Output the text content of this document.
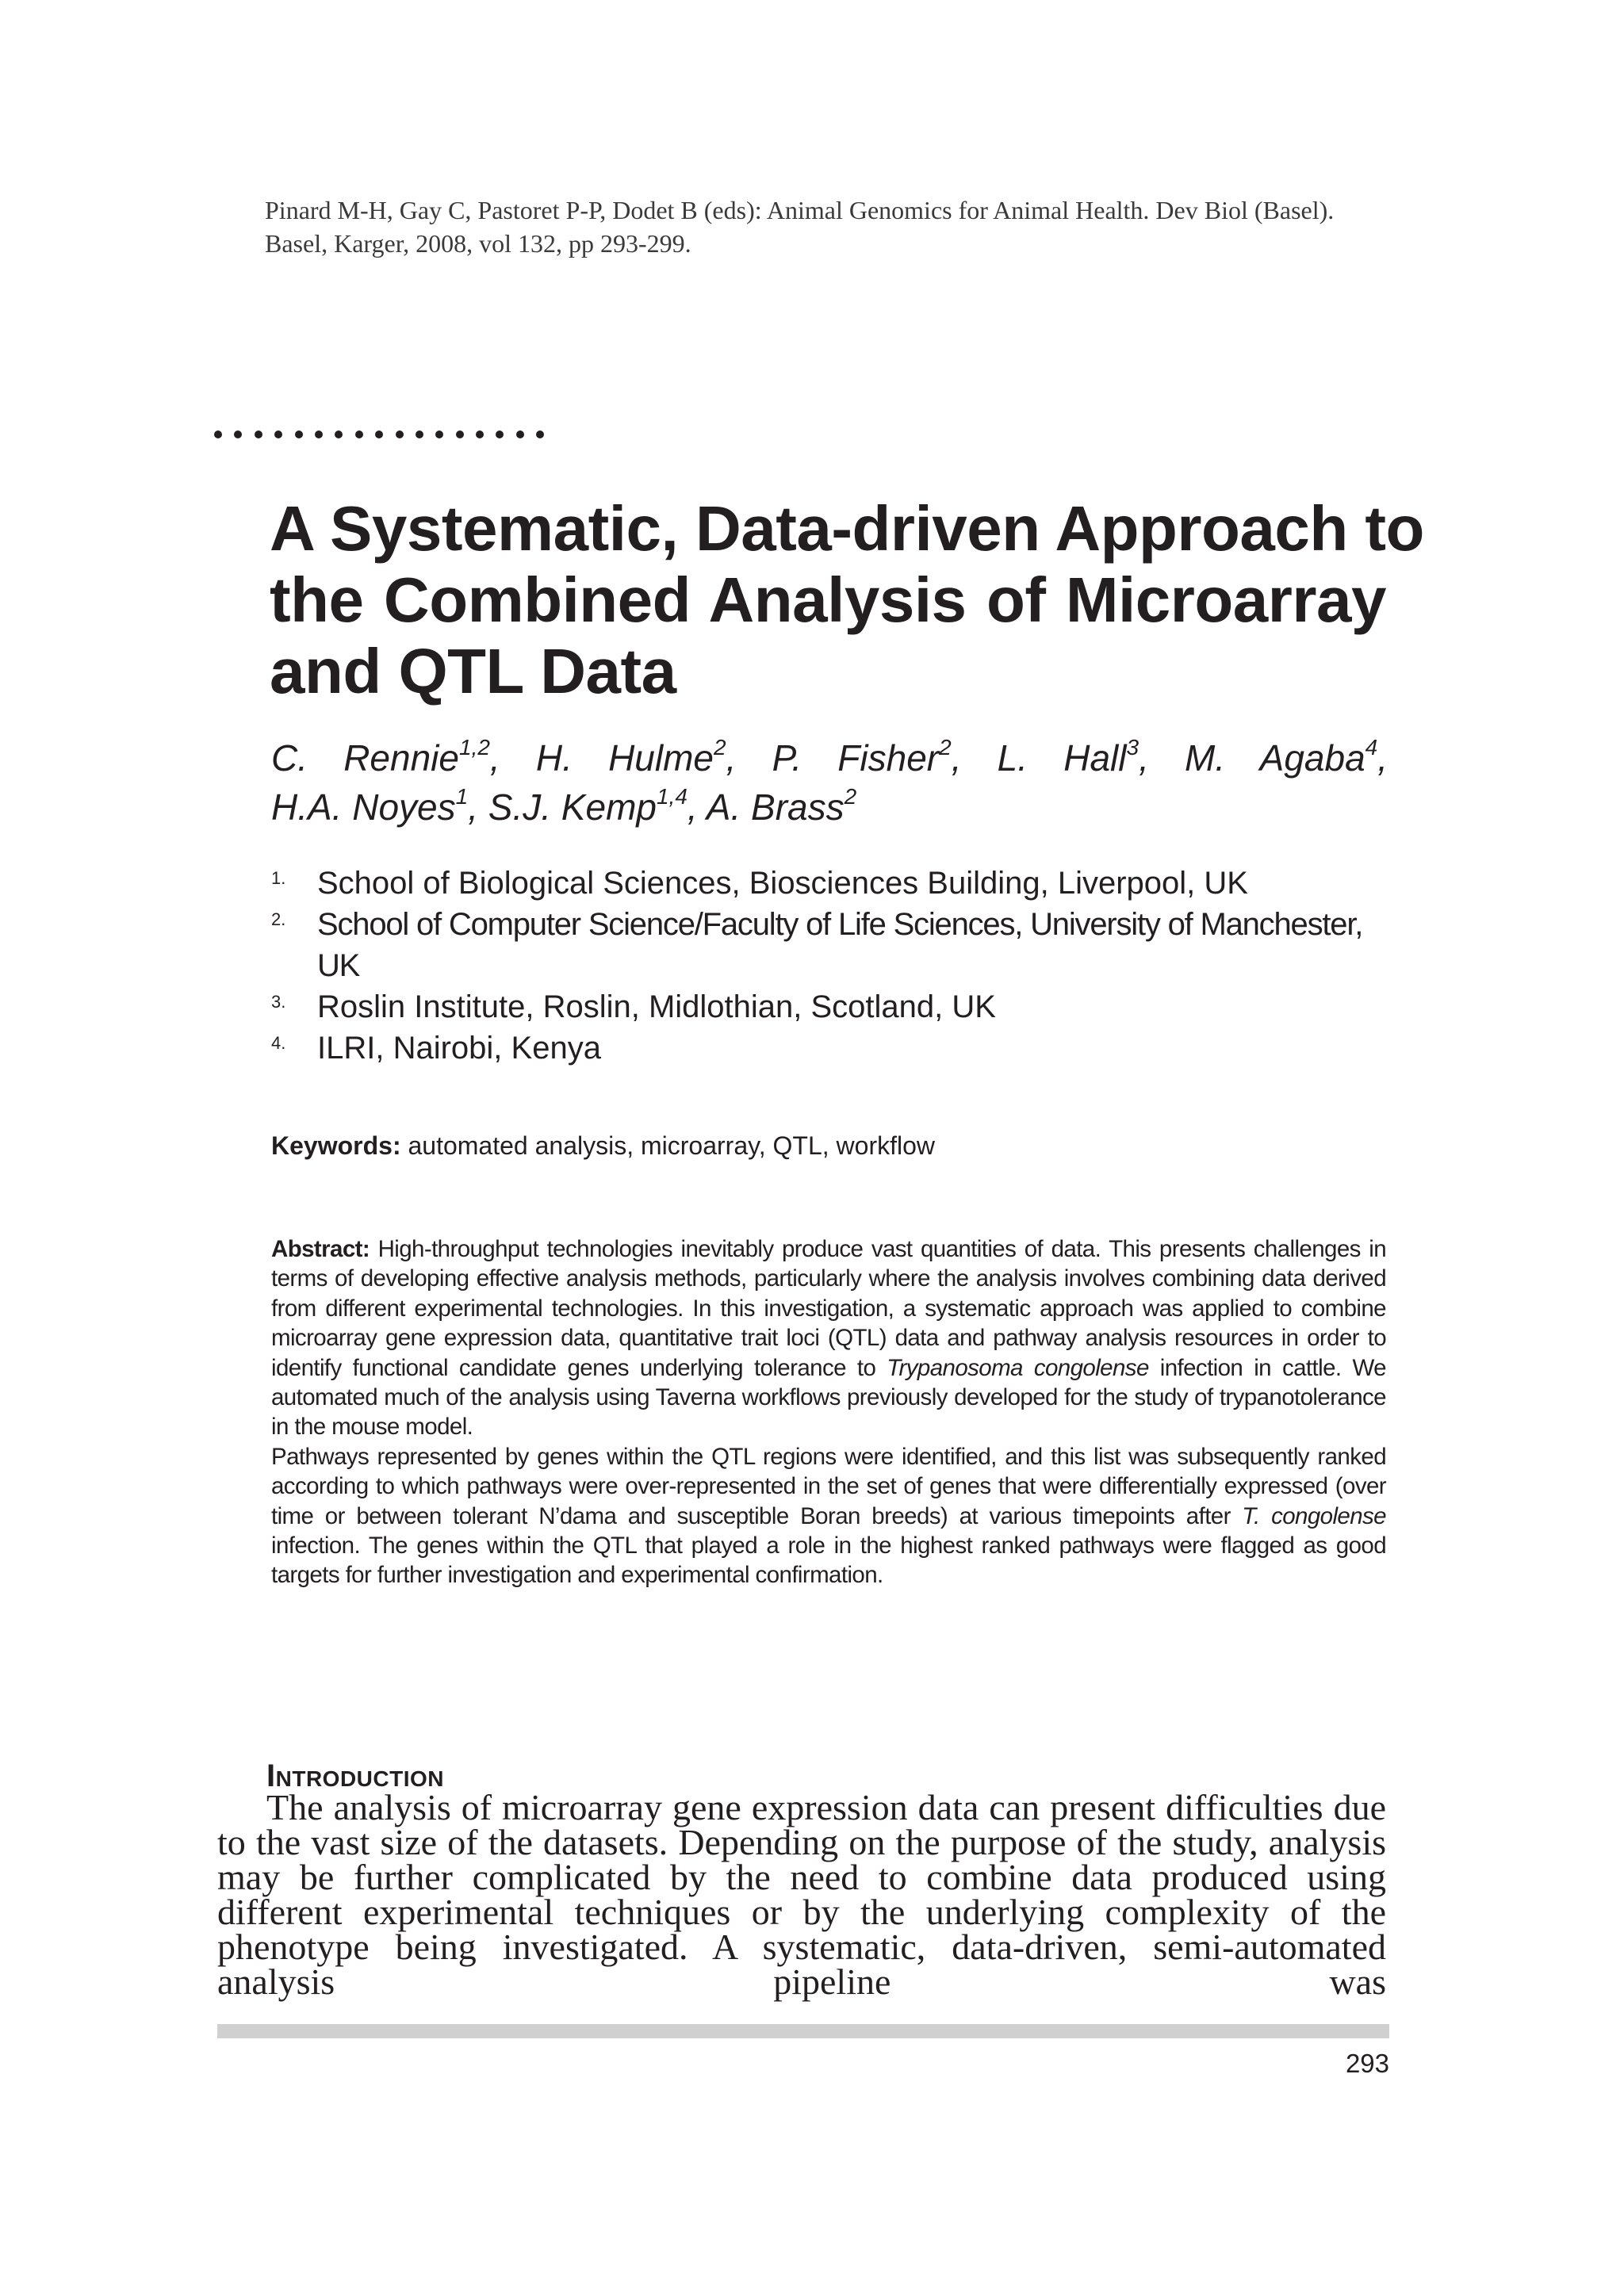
Pinard M-H, Gay C, Pastoret P-P, Dodet B (eds): Animal Genomics for Animal Health. Dev Biol (Basel). Basel, Karger, 2008, vol 132, pp 293-299.
A Systematic, Data-driven Approach to
the Combined Analysis of Microarray
and QTL Data
C. Rennie$^{1,2}$, H. Hulme$^2$, P. Fisher$^2$, L. Hall$^3$, M. Agaba$^4$,
H.A. Noyes$^1$, S.J. Kemp$^{1,4}$, A. Brass$^2$
1. School of Biological Sciences, Biosciences Building, Liverpool, UK
2. School of Computer Science/Faculty of Life Sciences, University of Manchester, UK
3. Roslin Institute, Roslin, Midlothian, Scotland, UK
4. ILRI, Nairobi, Kenya
Keywords: automated analysis, microarray, QTL, workflow

Abstract: High-throughput technologies inevitably produce vast quantities of data. This presents challenges in terms of developing effective analysis methods, particularly where the analysis involves combining data derived from different experimental technologies. In this investigation, a systematic approach was applied to combine microarray gene expression data, quantitative trait loci (QTL) data and pathway analysis resources in order to identify functional candidate genes underlying tolerance to Trypanosoma congolense infection in cattle. We automated much of the analysis using Taverna workflows previously developed for the study of trypanotolerance in the mouse model.

Pathways represented by genes within the QTL regions were identified, and this list was subsequently ranked according to which pathways were over-represented in the set of genes that were differentially expressed (over time or between tolerant N’dama and susceptible Boran breeds) at various timepoints after T. congolense infection. The genes within the QTL that played a role in the highest ranked pathways were flagged as good targets for further investigation and experimental confirmation.

Introduction

The analysis of microarray gene expression data can present difficulties due to the vast size of the datasets. Depending on the purpose of the study, analysis may be further complicated by the need to combine data produced using different experimental techniques or by the underlying complexity of the phenotype being investigated. A systematic, data-driven, semi-automated analysis pipeline was

293
